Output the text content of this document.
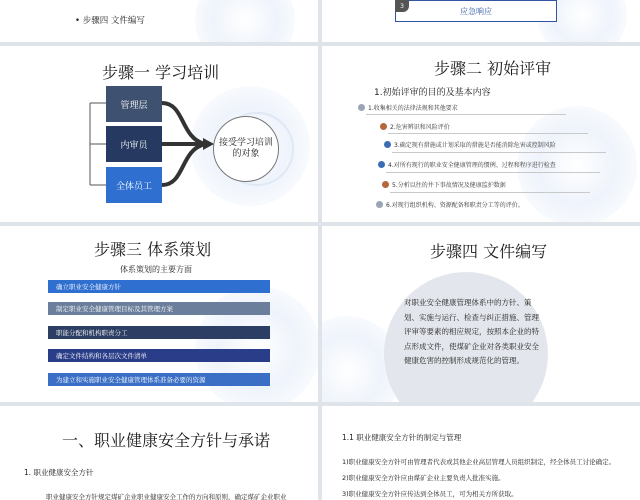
• 步骤四 文件编写
3
应急响应
步骤一 学习培训
管理层
内审员
全体员工
接受学习培训的对象
步骤二 初始评审
1.初始评审的目的及基本内容
1.收集相关的法律法规和其他要求
2.危害辨识和风险评价
3.确定现有措施或计划采取的措施是否能消除危害或控制风险
4.对所有现行的职业安全健康管理的惯例、过程和程序进行检查
5.分析以往的井下事故情况及健康监护数据
6.对现行组织机构、资源配备和职责分工等的评价。
步骤三 体系策划
体系策划的主要方面
确立职业安全健康方针
制定职业安全健康管理目标及其管理方案
职能分配和机构职责分工
确定文件结构和各层次文件清单
为建立和实施职业安全健康管理体系准备必要的资源
步骤四 文件编写
对职业安全健康管理体系中的方针、策划、实施与运行、检查与纠正措施、管理评审等要素的相应规定，按照本企业的特点形成文件，使煤矿企业对各类职业安全健康危害的控制形成规范化的管理。
一、职业健康安全方针与承诺
1. 职业健康安全方针
职业健康安全方针规定煤矿企业职业健康安全工作的方向和原则，确定煤矿企业职业
1.1 职业健康安全方针的制定与管理
1)职业健康安全方针可由管理者代表或其他企业高层管理人员组织制定，经全体员工讨论确定。
2)职业健康安全方针应由煤矿企业主要负责人批准实施。
3)职业健康安全方针应传达到全体员工，可为相关方所获取。
